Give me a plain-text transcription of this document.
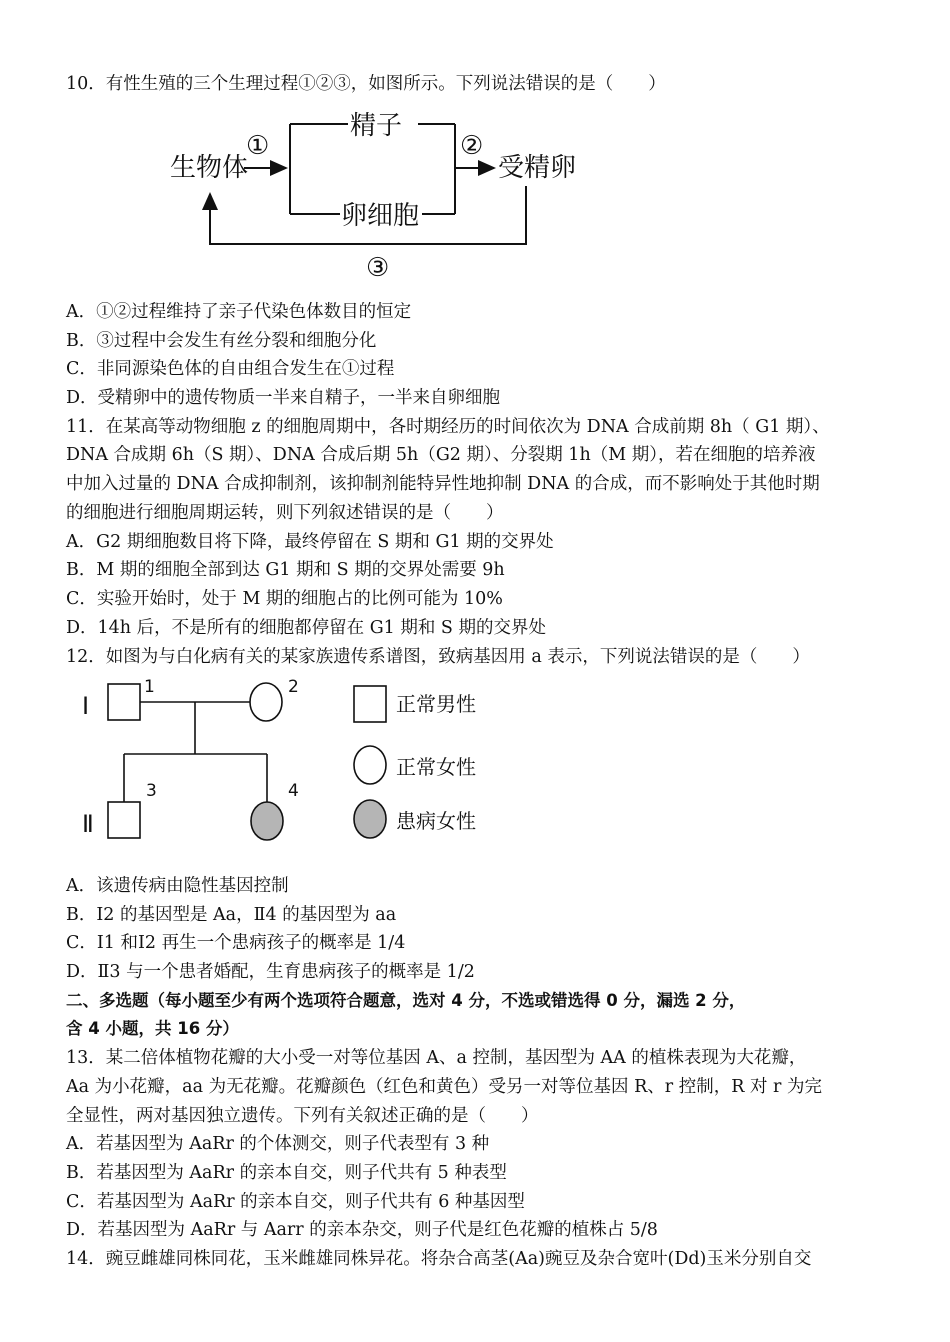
10．有性生殖的三个生理过程①②③，如图所示。下列说法错误的是（　　）
生物体
①
精子
卵细胞
②
受精卵
③
A．①②过程维持了亲子代染色体数目的恒定
B．③过程中会发生有丝分裂和细胞分化
C．非同源染色体的自由组合发生在①过程
D．受精卵中的遗传物质一半来自精子，一半来自卵细胞
11．在某高等动物细胞 z 的细胞周期中，各时期经历的时间依次为 DNA 合成前期 8h（ G1 期）、
DNA 合成期 6h（S 期）、DNA 合成后期 5h（G2 期）、分裂期 1h（M 期），若在细胞的培养液
中加入过量的 DNA 合成抑制剂，该抑制剂能特异性地抑制 DNA 的合成，而不影响处于其他时期
的细胞进行细胞周期运转，则下列叙述错误的是（　　）
A．G2 期细胞数目将下降，最终停留在 S 期和 G1 期的交界处
B．M 期的细胞全部到达 G1 期和 S 期的交界处需要 9h
C．实验开始时，处于 M 期的细胞占的比例可能为 10%
D．14h 后，不是所有的细胞都停留在 G1 期和 S 期的交界处
12．如图为与白化病有关的某家族遗传系谱图，致病基因用 a 表示，下列说法错误的是（　　）
Ⅰ
1	2
Ⅱ
3	4
正常男性
正常女性
患病女性
A．该遗传病由隐性基因控制
B．Ⅰ2 的基因型是 Aa，Ⅱ4 的基因型为 aa
C．Ⅰ1 和Ⅰ2 再生一个患病孩子的概率是 1/4
D．Ⅱ3 与一个患者婚配，生育患病孩子的概率是 1/2
二、多选题（每小题至少有两个选项符合题意，选对 4 分，不选或错选得 0 分，漏选 2 分，
含 4 小题，共 16 分）
13．某二倍体植物花瓣的大小受一对等位基因 A、a 控制，基因型为 AA 的植株表现为大花瓣，
Aa 为小花瓣，aa 为无花瓣。花瓣颜色（红色和黄色）受另一对等位基因 R、r 控制，R 对 r 为完
全显性，两对基因独立遗传。下列有关叙述正确的是（　　）
A．若基因型为 AaRr 的个体测交，则子代表型有 3 种
B．若基因型为 AaRr 的亲本自交，则子代共有 5 种表型
C．若基因型为 AaRr 的亲本自交，则子代共有 6 种基因型
D．若基因型为 AaRr 与 Aarr 的亲本杂交，则子代是红色花瓣的植株占 5/8
14．豌豆雌雄同株同花，玉米雌雄同株异花。将杂合高茎(Aa)豌豆及杂合宽叶(Dd)玉米分别自交
